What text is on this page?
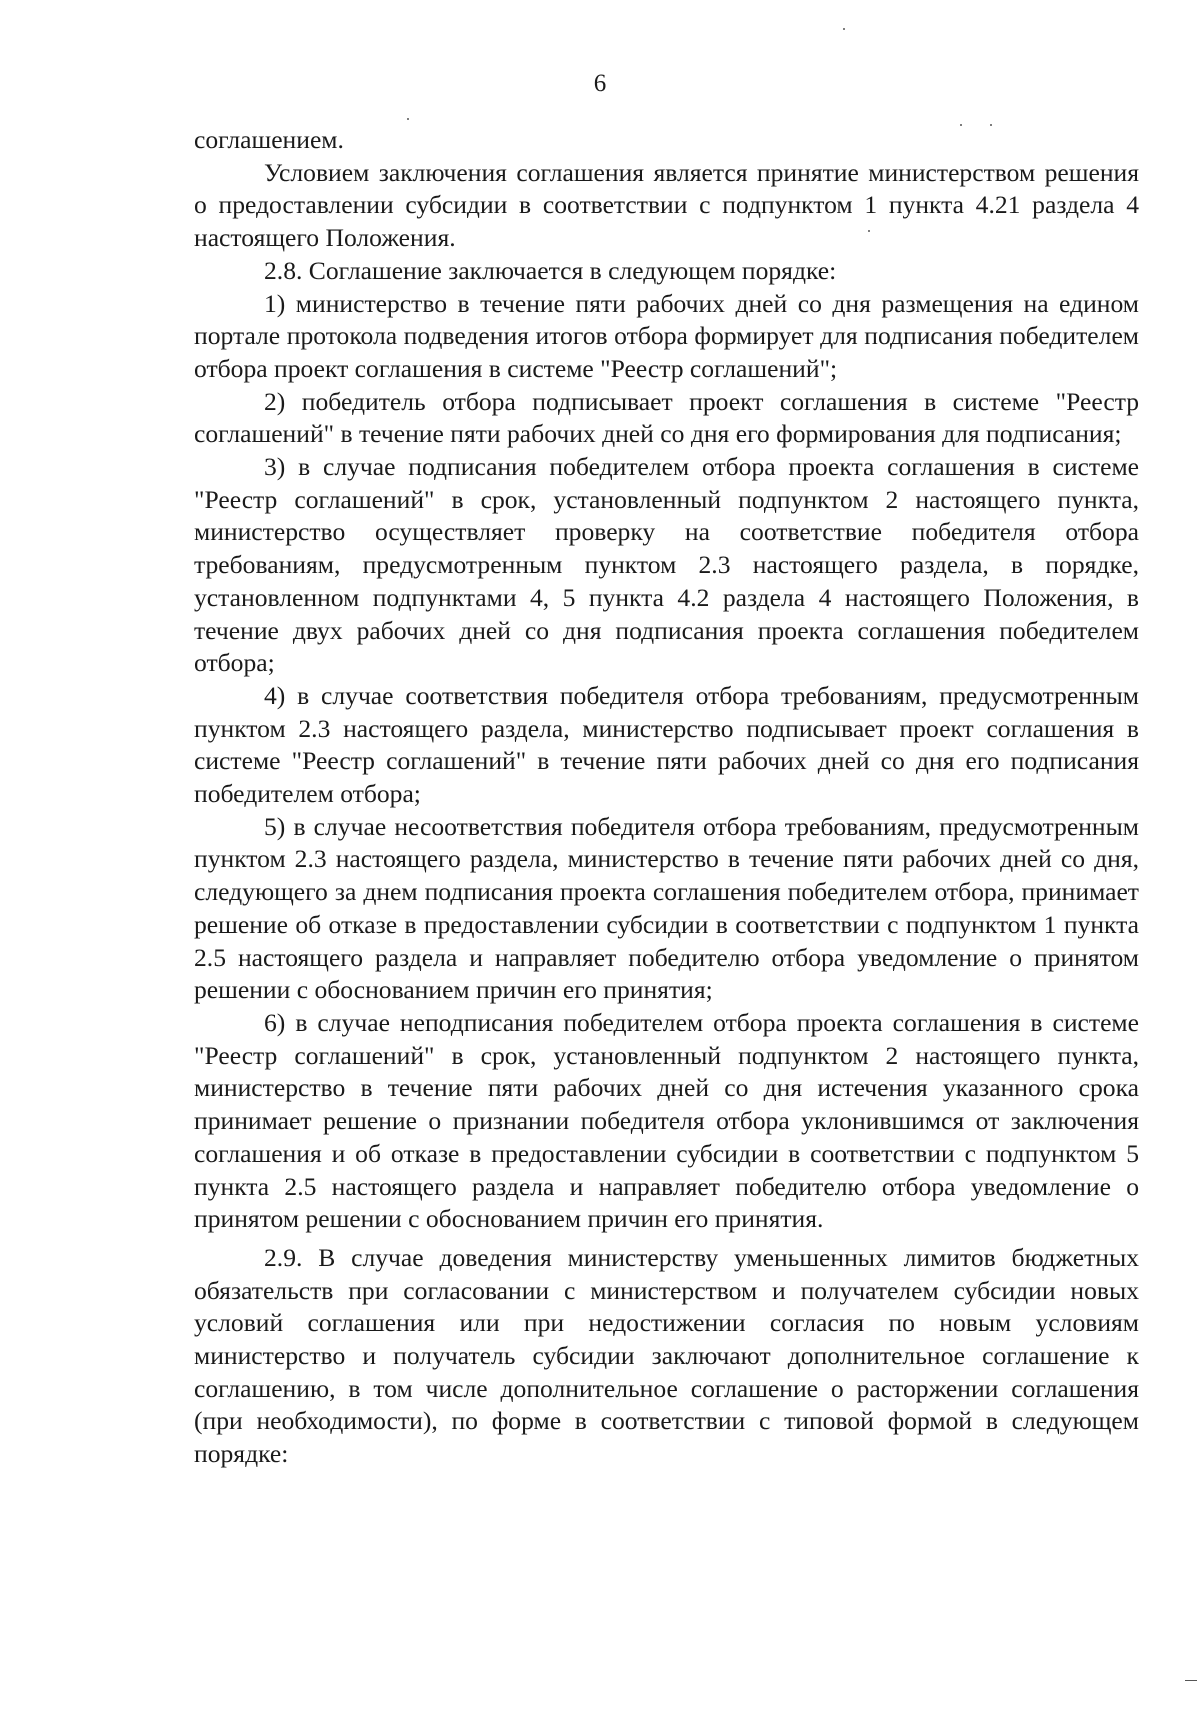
6

соглашением.

Условием заключения соглашения является принятие министерством решения о предоставлении субсидии в соответствии с подпунктом 1 пункта 4.21 раздела 4 настоящего Положения.

2.8. Соглашение заключается в следующем порядке:

1) министерство в течение пяти рабочих дней со дня размещения на едином портале протокола подведения итогов отбора формирует для подписания победителем отбора проект соглашения в системе "Реестр соглашений";

2) победитель отбора подписывает проект соглашения в системе "Реестр соглашений" в течение пяти рабочих дней со дня его формирования для подписания;

3) в случае подписания победителем отбора проекта соглашения в системе "Реестр соглашений" в срок, установленный подпунктом 2 настоящего пункта, министерство осуществляет проверку на соответствие победителя отбора требованиям, предусмотренным пунктом 2.3 настоящего раздела, в порядке, установленном подпунктами 4, 5 пункта 4.2 раздела 4 настоящего Положения, в течение двух рабочих дней со дня подписания проекта соглашения победителем отбора;

4) в случае соответствия победителя отбора требованиям, предусмотренным пунктом 2.3 настоящего раздела, министерство подписывает проект соглашения в системе "Реестр соглашений" в течение пяти рабочих дней со дня его подписания победителем отбора;

5) в случае несоответствия победителя отбора требованиям, предусмотренным пунктом 2.3 настоящего раздела, министерство в течение пяти рабочих дней со дня, следующего за днем подписания проекта соглашения победителем отбора, принимает решение об отказе в предоставлении субсидии в соответствии с подпунктом 1 пункта 2.5 настоящего раздела и направляет победителю отбора уведомление о принятом решении с обоснованием причин его принятия;

6) в случае неподписания победителем отбора проекта соглашения в системе "Реестр соглашений" в срок, установленный подпунктом 2 настоящего пункта, министерство в течение пяти рабочих дней со дня истечения указанного срока принимает решение о признании победителя отбора уклонившимся от заключения соглашения и об отказе в предоставлении субсидии в соответствии с подпунктом 5 пункта 2.5 настоящего раздела и направляет победителю отбора уведомление о принятом решении с обоснованием причин его принятия.

2.9. В случае доведения министерству уменьшенных лимитов бюджетных обязательств при согласовании с министерством и получателем субсидии новых условий соглашения или при недостижении согласия по новым условиям министерство и получатель субсидии заключают дополнительное соглашение к соглашению, в том числе дополнительное соглашение о расторжении соглашения (при необходимости), по форме в соответствии с типовой формой в следующем порядке:
